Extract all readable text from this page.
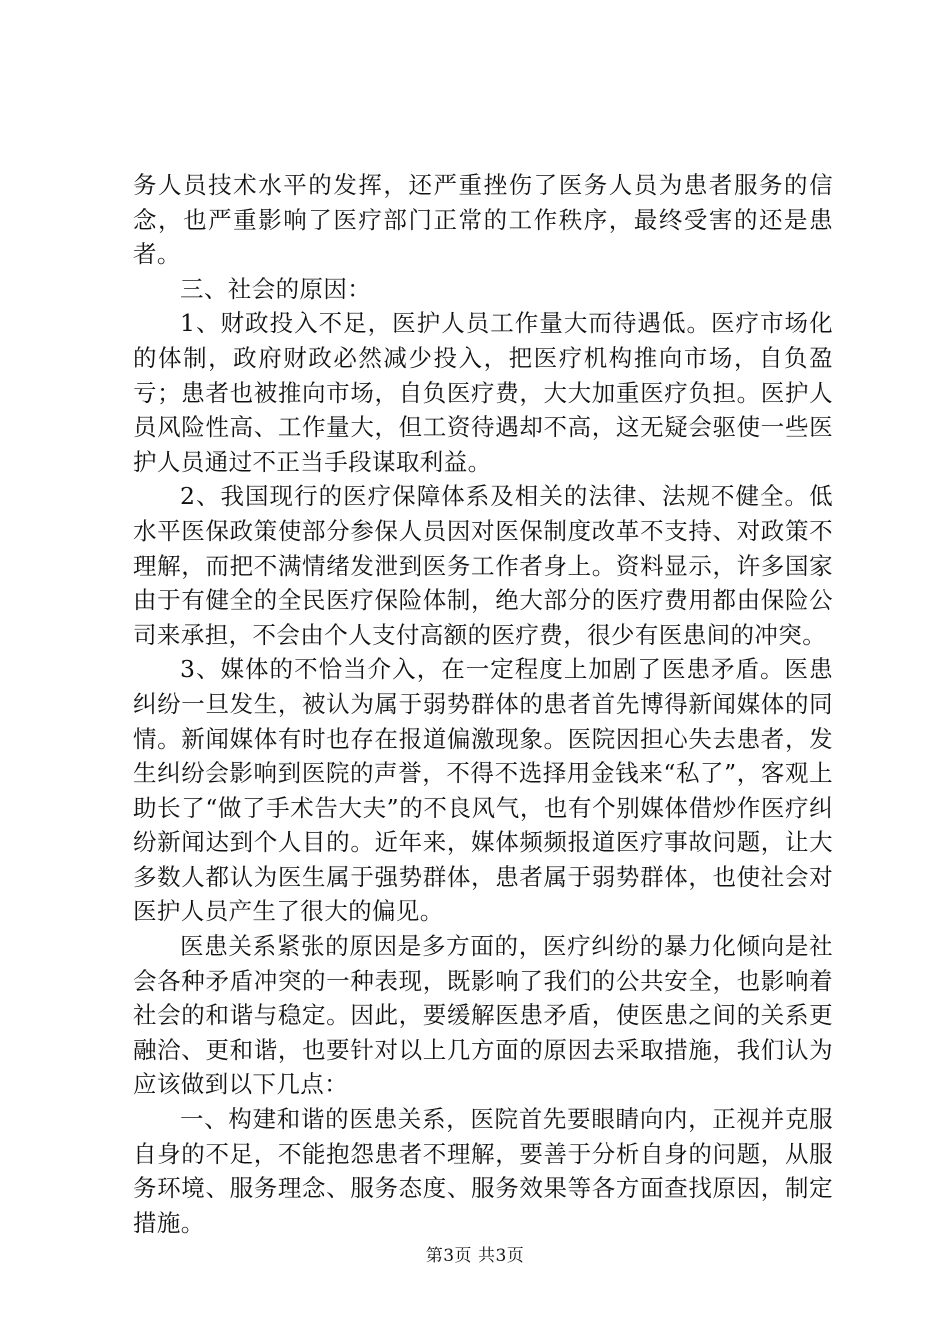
务人员技术水平的发挥，还严重挫伤了医务人员为患者服务的信念，也严重影响了医疗部门正常的工作秩序，最终受害的还是患者。

三、社会的原因：

1、财政投入不足，医护人员工作量大而待遇低。医疗市场化的体制，政府财政必然减少投入，把医疗机构推向市场，自负盈亏；患者也被推向市场，自负医疗费，大大加重医疗负担。医护人员风险性高、工作量大，但工资待遇却不高，这无疑会驱使一些医护人员通过不正当手段谋取利益。

2、我国现行的医疗保障体系及相关的法律、法规不健全。低水平医保政策使部分参保人员因对医保制度改革不支持、对政策不理解，而把不满情绪发泄到医务工作者身上。资料显示，许多国家由于有健全的全民医疗保险体制，绝大部分的医疗费用都由保险公司来承担，不会由个人支付高额的医疗费，很少有医患间的冲突。

3、媒体的不恰当介入，在一定程度上加剧了医患矛盾。医患纠纷一旦发生，被认为属于弱势群体的患者首先博得新闻媒体的同情。新闻媒体有时也存在报道偏激现象。医院因担心失去患者，发生纠纷会影响到医院的声誉，不得不选择用金钱来“私了”，客观上助长了“做了手术告大夫”的不良风气，也有个别媒体借炒作医疗纠纷新闻达到个人目的。近年来，媒体频频报道医疗事故问题，让大多数人都认为医生属于强势群体，患者属于弱势群体，也使社会对医护人员产生了很大的偏见。

医患关系紧张的原因是多方面的，医疗纠纷的暴力化倾向是社会各种矛盾冲突的一种表现，既影响了我们的公共安全，也影响着社会的和谐与稳定。因此，要缓解医患矛盾，使医患之间的关系更融洽、更和谐，也要针对以上几方面的原因去采取措施，我们认为应该做到以下几点：

一、构建和谐的医患关系，医院首先要眼睛向内，正视并克服自身的不足，不能抱怨患者不理解，要善于分析自身的问题，从服务环境、服务理念、服务态度、服务效果等各方面查找原因，制定措施。

第3页 共3页
